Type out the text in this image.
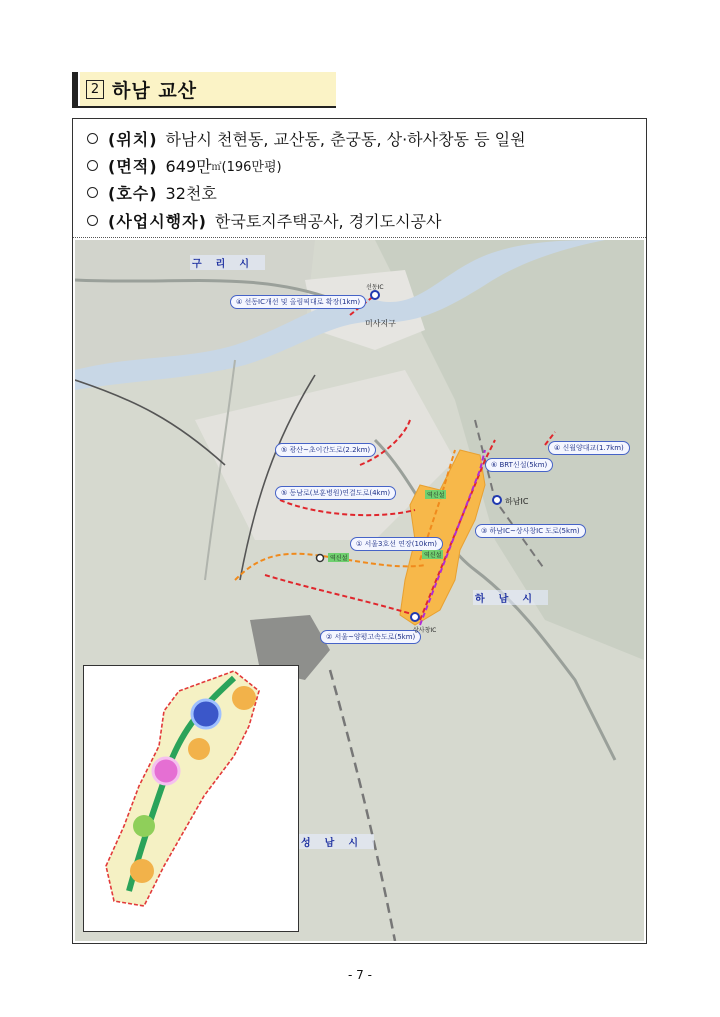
2 하남 교산
(위치) 하남시 천현동, 교산동, 춘궁동, 상·하사창동 등 일원
(면적) 649만 ㎡ (196만평)
(호수) 32천호
(사업시행자) 한국토지주택공사, 경기도시공사
구리시
하남시
성남시
④ 선동IC개선 및 올림픽대로 확장(1km)
⑤ 광산~초이간도로(2.2km)
⑤ 동남로(보훈병원)연결도로(4km)
① 서울3호선 연장(10km)
② 서울~양평고속도로(5km)
⑥ BRT신설(5km)
④ 신월양대교(1.7km)
③ 하남IC~상사창IC 도로(5km)
미사지구
하남IC
상사창IC
역신설
역신설
역신설
선동IC
- 7 -
